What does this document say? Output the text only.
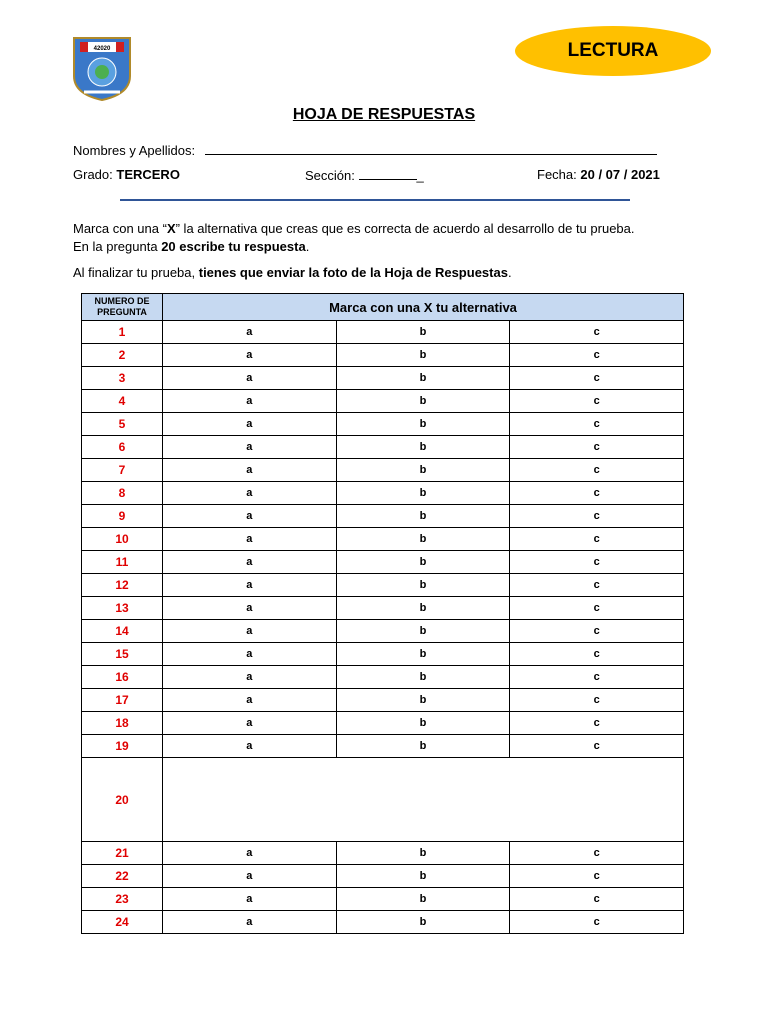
42020	LECTURA
HOJA DE RESPUESTAS
Nombres y Apellidos:
Grado: TERCERO	Sección:	_	Fecha: 20 / 07 / 2021
Marca con una “X” la alternativa que creas que es correcta de acuerdo al desarrollo de tu prueba.
En la pregunta 20 escribe tu respuesta.
Al finalizar tu prueba, tienes que enviar la foto de la Hoja de Respuestas.
NUMERO DE PREGUNTA	Marca con una X tu alternativa		
1	a	b	c
2	a	b	c
3	a	b	c
4	a	b	c
5	a	b	c
6	a	b	c
7	a	b	c
8	a	b	c
9	a	b	c
10	a	b	c
11	a	b	c
12	a	b	c
13	a	b	c
14	a	b	c
15	a	b	c
16	a	b	c
17	a	b	c
18	a	b	c
19	a	b	c
20			
21	a	b	c
22	a	b	c
23	a	b	c
24	a	b	c
